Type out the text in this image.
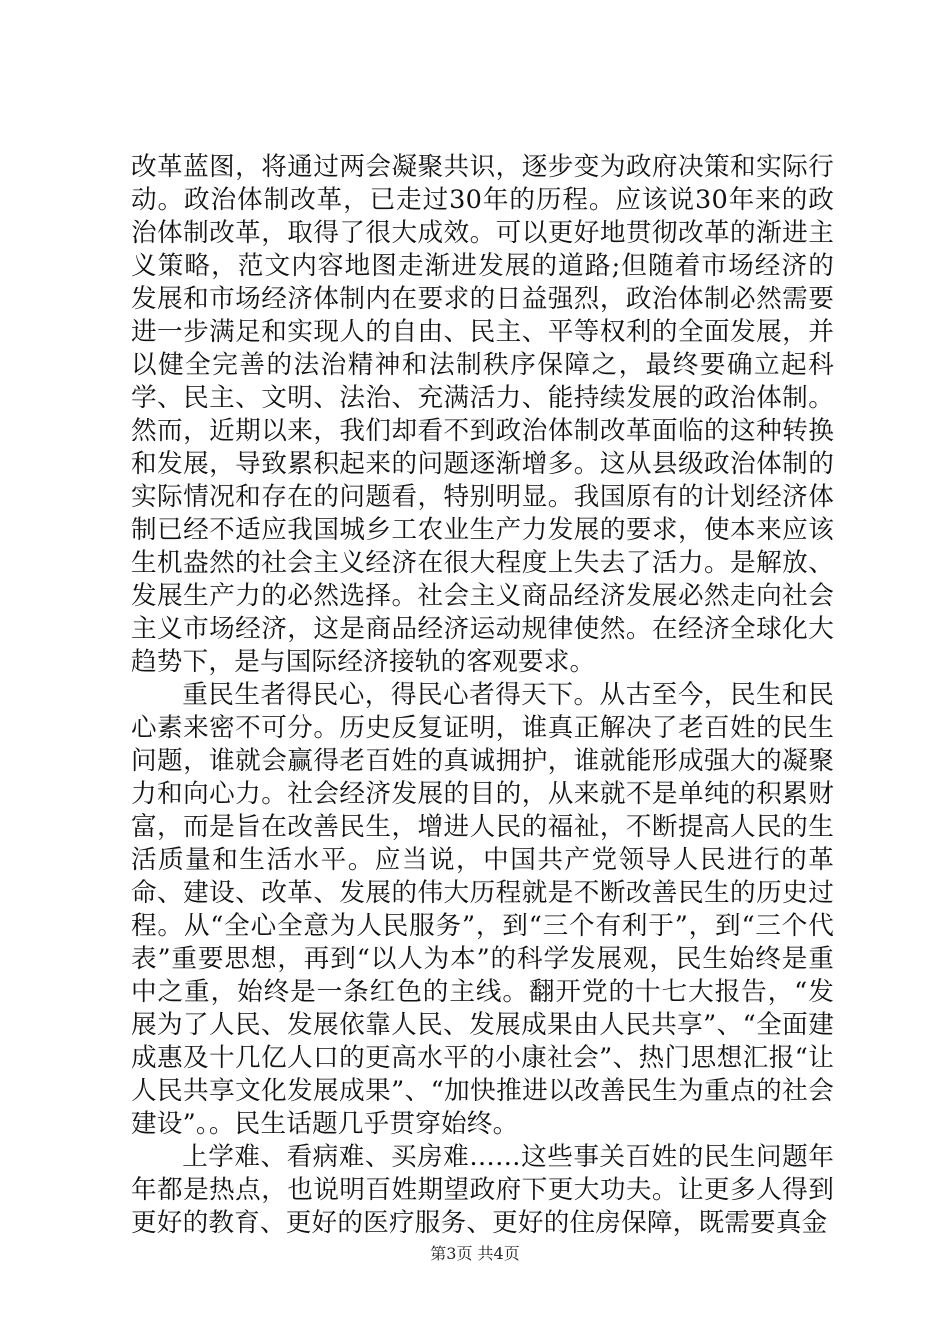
改革蓝图，将通过两会凝聚共识，逐步变为政府决策和实际行动。政治体制改革，已走过30年的历程。应该说30年来的政治体制改革，取得了很大成效。可以更好地贯彻改革的渐进主义策略，范文内容地图走渐进发展的道路;但随着市场经济的发展和市场经济体制内在要求的日益强烈，政治体制必然需要进一步满足和实现人的自由、民主、平等权利的全面发展，并以健全完善的法治精神和法制秩序保障之，最终要确立起科学、民主、文明、法治、充满活力、能持续发展的政治体制。然而，近期以来，我们却看不到政治体制改革面临的这种转换和发展，导致累积起来的问题逐渐增多。这从县级政治体制的实际情况和存在的问题看，特别明显。我国原有的计划经济体制已经不适应我国城乡工农业生产力发展的要求，使本来应该生机盎然的社会主义经济在很大程度上失去了活力。是解放、发展生产力的必然选择。社会主义商品经济发展必然走向社会主义市场经济，这是商品经济运动规律使然。在经济全球化大趋势下，是与国际经济接轨的客观要求。

重民生者得民心，得民心者得天下。从古至今，民生和民心素来密不可分。历史反复证明，谁真正解决了老百姓的民生问题，谁就会赢得老百姓的真诚拥护，谁就能形成强大的凝聚力和向心力。社会经济发展的目的，从来就不是单纯的积累财富，而是旨在改善民生，增进人民的福祉，不断提高人民的生活质量和生活水平。应当说，中国共产党领导人民进行的革命、建设、改革、发展的伟大历程就是不断改善民生的历史过程。从“全心全意为人民服务”，到“三个有利于”，到“三个代表”重要思想，再到“以人为本”的科学发展观，民生始终是重中之重，始终是一条红色的主线。翻开党的十七大报告，“发展为了人民、发展依靠人民、发展成果由人民共享”、“全面建成惠及十几亿人口的更高水平的小康社会”、热门思想汇报“让人民共享文化发展成果”、“加快推进以改善民生为重点的社会建设”。。民生话题几乎贯穿始终。

上学难、看病难、买房难……这些事关百姓的民生问题年年都是热点，也说明百姓期望政府下更大功夫。让更多人得到更好的教育、更好的医疗服务、更好的住房保障，既需要真金

第3页 共4页
